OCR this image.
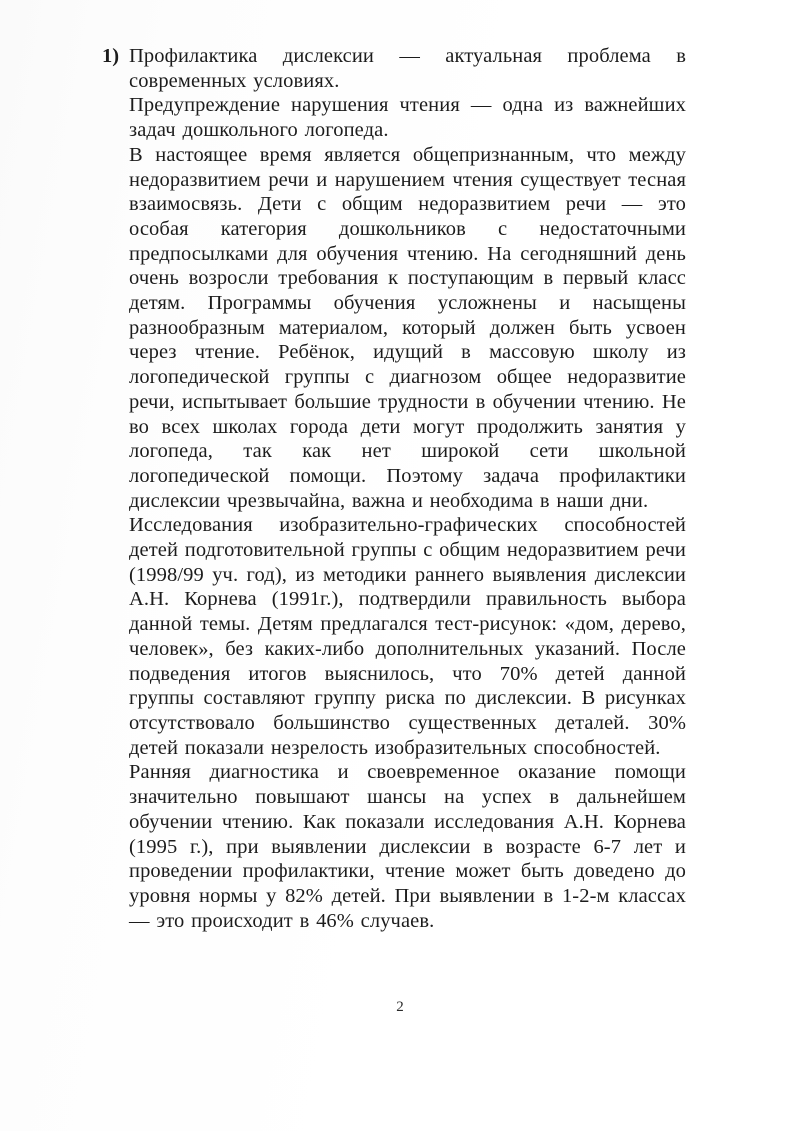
1) Профилактика дислексии — актуальная проблема в современных условиях.

Предупреждение нарушения чтения — одна из важнейших задач дошкольного логопеда.

В настоящее время является общепризнанным, что между недоразвитием речи и нарушением чтения существует тесная взаимосвязь. Дети с общим недоразвитием речи — это особая категория дошкольников с недостаточными предпосылками для обучения чтению. На сегодняшний день очень возросли требования к поступающим в первый класс детям. Программы обучения усложнены и насыщены разнообразным материалом, который должен быть усвоен через чтение. Ребёнок, идущий в массовую школу из логопедической группы с диагнозом общее недоразвитие речи, испытывает большие трудности в обучении чтению. Не во всех школах города дети могут продолжить занятия у логопеда, так как нет широкой сети школьной логопедической помощи. Поэтому задача профилактики дислексии чрезвычайна, важна и необходима в наши дни.

Исследования изобразительно-графических способностей детей подготовительной группы с общим недоразвитием речи (1998/99 уч. год), из методики раннего выявления дислексии А.Н. Корнева (1991г.), подтвердили правильность выбора данной темы. Детям предлагался тест-рисунок: «дом, дерево, человек», без каких-либо дополнительных указаний. После подведения итогов выяснилось, что 70% детей данной группы составляют группу риска по дислексии. В рисунках отсутствовало большинство существенных деталей. 30% детей показали незрелость изобразительных способностей.

Ранняя диагностика и своевременное оказание помощи значительно повышают шансы на успех в дальнейшем обучении чтению. Как показали исследования А.Н. Корнева (1995 г.), при выявлении дислексии в возрасте 6-7 лет и проведении профилактики, чтение может быть доведено до уровня нормы у 82% детей. При выявлении в 1-2-м классах — это происходит в 46% случаев.

2
